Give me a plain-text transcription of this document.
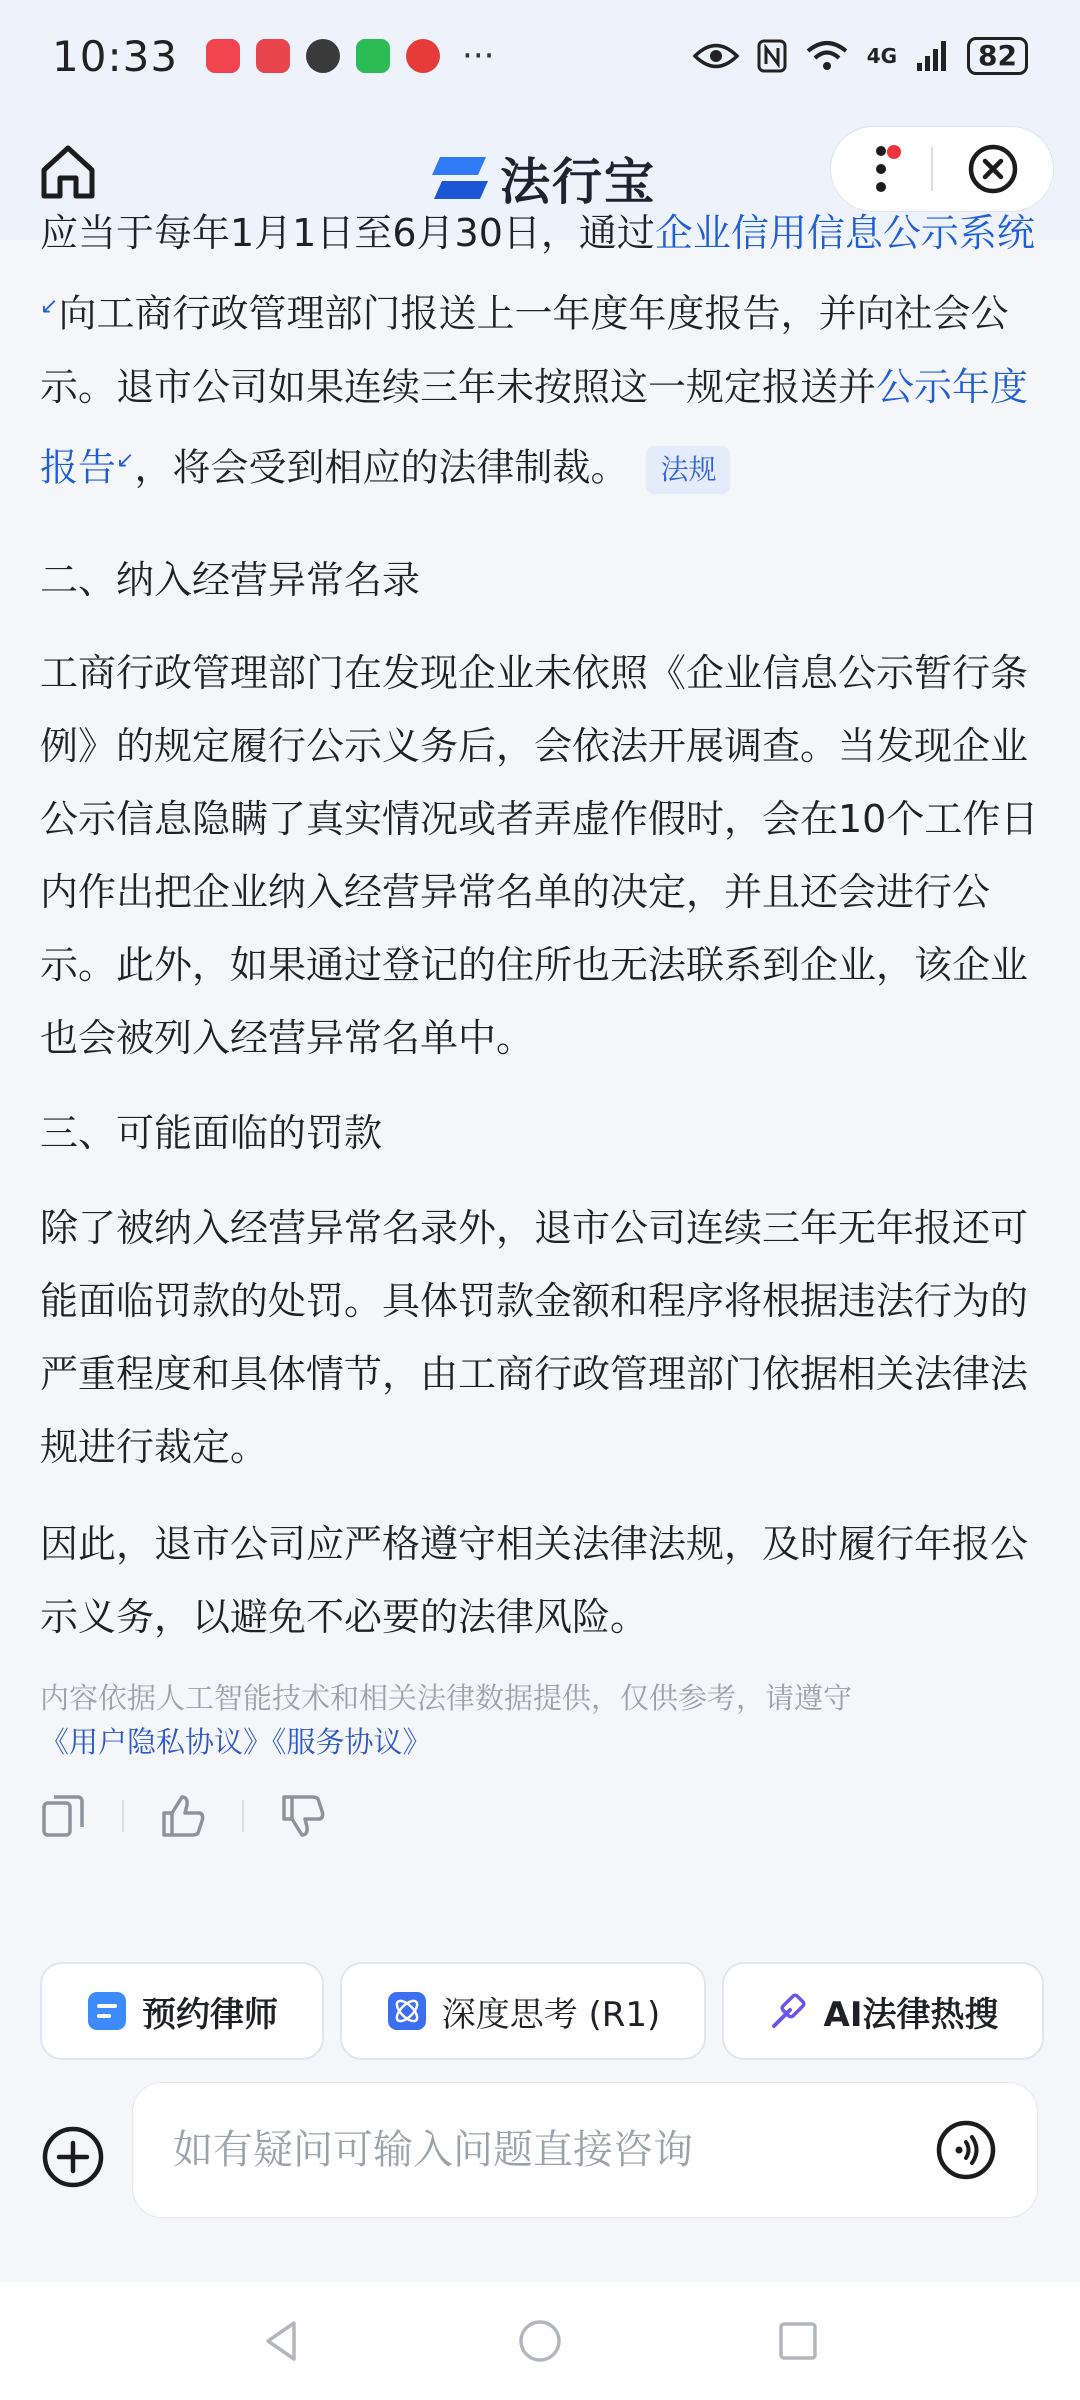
10:33	···	4G	82
法行宝

应当于每年1月1日至6月30日，通过企业信用信息公示系统↙向工商行政管理部门报送上一年度年度报告，并向社会公示。退市公司如果连续三年未按照这一规定报送并公示年度报告↙，将会受到相应的法律制裁。 法规

二、纳入经营异常名录

工商行政管理部门在发现企业未依照《企业信息公示暂行条例》的规定履行公示义务后，会依法开展调查。当发现企业公示信息隐瞒了真实情况或者弄虚作假时，会在10个工作日内作出把企业纳入经营异常名单的决定，并且还会进行公示。此外，如果通过登记的住所也无法联系到企业，该企业也会被列入经营异常名单中。

三、可能面临的罚款

除了被纳入经营异常名录外，退市公司连续三年无年报还可能面临罚款的处罚。具体罚款金额和程序将根据违法行为的严重程度和具体情节，由工商行政管理部门依据相关法律法规进行裁定。

因此，退市公司应严格遵守相关法律法规，及时履行年报公示义务，以避免不必要的法律风险。

内容依据人工智能技术和相关法律数据提供，仅供参考，请遵守
《用户隐私协议》《服务协议》

预约律师	深度思考 (R1)	AI法律热搜
如有疑问可输入问题直接咨询
